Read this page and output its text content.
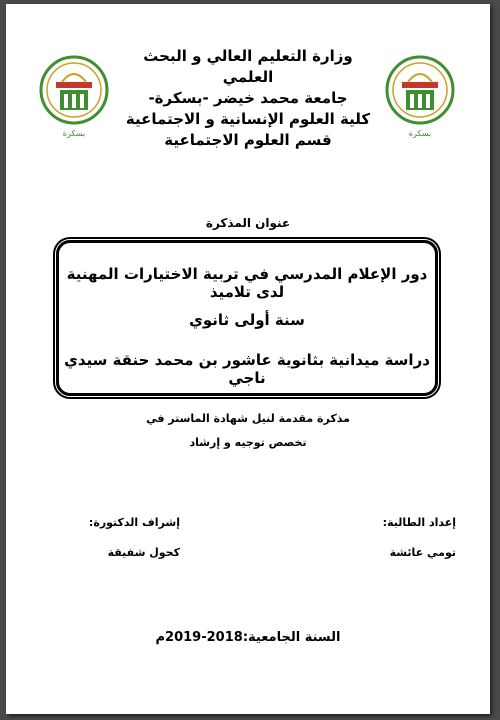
بسكرة	بسكرة
وزارة التعليم العالي و البحث العلمي
جامعة محمد خيضر -بسكرة-
كلية العلوم الإنسانية و الاجتماعية
قسم العلوم الاجتماعية
عنوان المذكرة
دور الإعلام المدرسي في تربية الاختيارات المهنية لدى تلاميذ
سنة أولى ثانوي
دراسة ميدانية بثانوية عاشور بن محمد حنقة سيدي ناجي
مذكرة مقدمة لنيل شهادة الماستر في
تخصص توجيه و إرشاد
إعداد الطالبة:
تومي عائشة
إشراف الدكتورة:
كحول شفيقة
السنة الجامعية:2018-2019م
